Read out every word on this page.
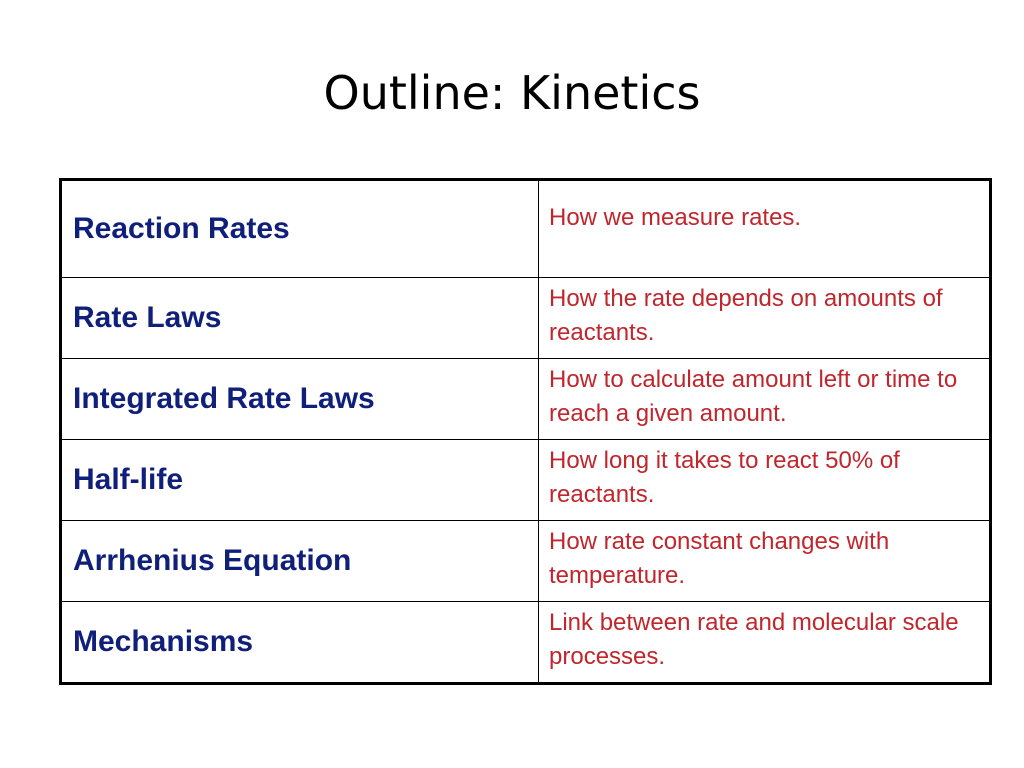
Outline: Kinetics
Reaction Rates	How we measure rates.
Rate Laws	How the rate depends on amounts of reactants.
Integrated Rate Laws	How to calculate amount left or time to reach a given amount.
Half-life	How long it takes to react 50% of reactants.
Arrhenius Equation	How rate constant changes with temperature.
Mechanisms	Link between rate and molecular scale processes.
